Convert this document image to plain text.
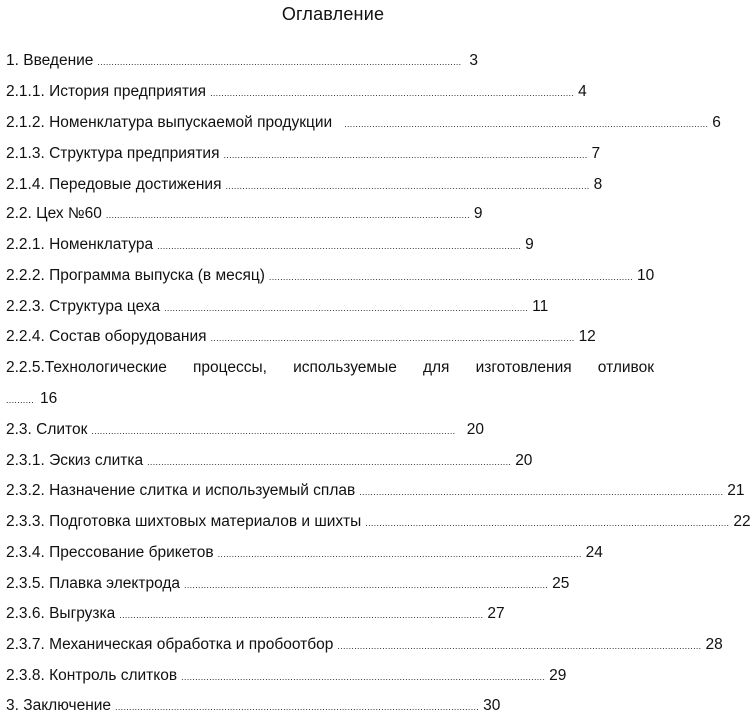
Оглавление
1. Введение .................................................................................................................................. 3
2.1.1. История предприятия .................................................................................................................................. 4
2.1.2. Номенклатура выпускаемой продукции .................................................................................................................................. 6
2.1.3. Структура предприятия .................................................................................................................................. 7
2.1.4. Передовые достижения .................................................................................................................................. 8
2.2. Цех №60 .................................................................................................................................. 9
2.2.1. Номенклатура .................................................................................................................................. 9
2.2.2. Программа выпуска (в месяц) .................................................................................................................................. 10
2.2.3. Структура цеха .................................................................................................................................. 11
2.2.4. Состав оборудования .................................................................................................................................. 12
2.2.5.Технологические процессы, используемые для изготовления отливок
.......... 16
2.3. Слиток .................................................................................................................................. 20
2.3.1. Эскиз слитка .................................................................................................................................. 20
2.3.2. Назначение слитка и используемый сплав .................................................................................................................................. 21
2.3.3. Подготовка шихтовых материалов и шихты .................................................................................................................................. 22
2.3.4. Прессование брикетов .................................................................................................................................. 24
2.3.5. Плавка электрода .................................................................................................................................. 25
2.3.6. Выгрузка .................................................................................................................................. 27
2.3.7. Механическая обработка и пробоотбор .................................................................................................................................. 28
2.3.8. Контроль слитков .................................................................................................................................. 29
3. Заключение .................................................................................................................................. 30
